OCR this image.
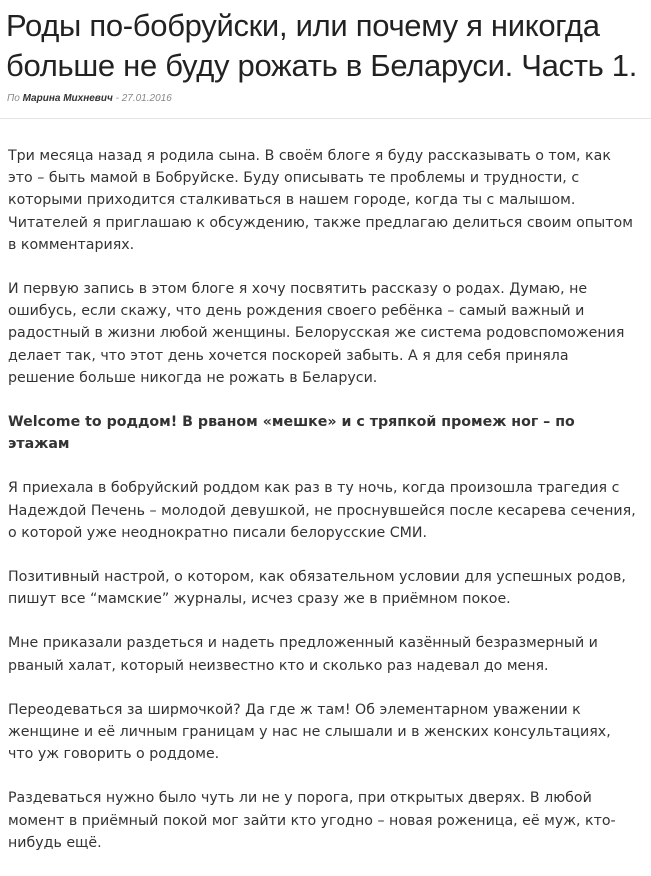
Роды по-бобруйски, или почему я никогда больше не буду рожать в Беларуси. Часть 1.
По Марина Михневич - 27.01.2016

Три месяца назад я родила сына. В своём блоге я буду рассказывать о том, как это – быть мамой в Бобруйске. Буду описывать те проблемы и трудности, с которыми приходится сталкиваться в нашем городе, когда ты с малышом. Читателей я приглашаю к обсуждению, также предлагаю делиться своим опытом в комментариях.

И первую запись в этом блоге я хочу посвятить рассказу о родах. Думаю, не ошибусь, если скажу, что день рождения своего ребёнка – самый важный и радостный в жизни любой женщины. Белорусская же система родовспоможения делает так, что этот день хочется поскорей забыть. А я для себя приняла решение больше никогда не рожать в Беларуси.

Welcome to роддом! В рваном «мешке» и с тряпкой промеж ног – по этажам

Я приехала в бобруйский роддом как раз в ту ночь, когда произошла трагедия с Надеждой Печень – молодой девушкой, не проснувшейся после кесарева сечения, о которой уже неоднократно писали белорусские СМИ.

Позитивный настрой, о котором, как обязательном условии для успешных родов, пишут все “мамские” журналы, исчез сразу же в приёмном покое.

Мне приказали раздеться и надеть предложенный казённый безразмерный и рваный халат, который неизвестно кто и сколько раз надевал до меня.

Переодеваться за ширмочкой? Да где ж там! Об элементарном уважении к женщине и её личным границам у нас не слышали и в женских консультациях, что уж говорить о роддоме.

Раздеваться нужно было чуть ли не у порога, при открытых дверях. В любой момент в приёмный покой мог зайти кто угодно – новая роженица, её муж, кто-нибудь ещё.
